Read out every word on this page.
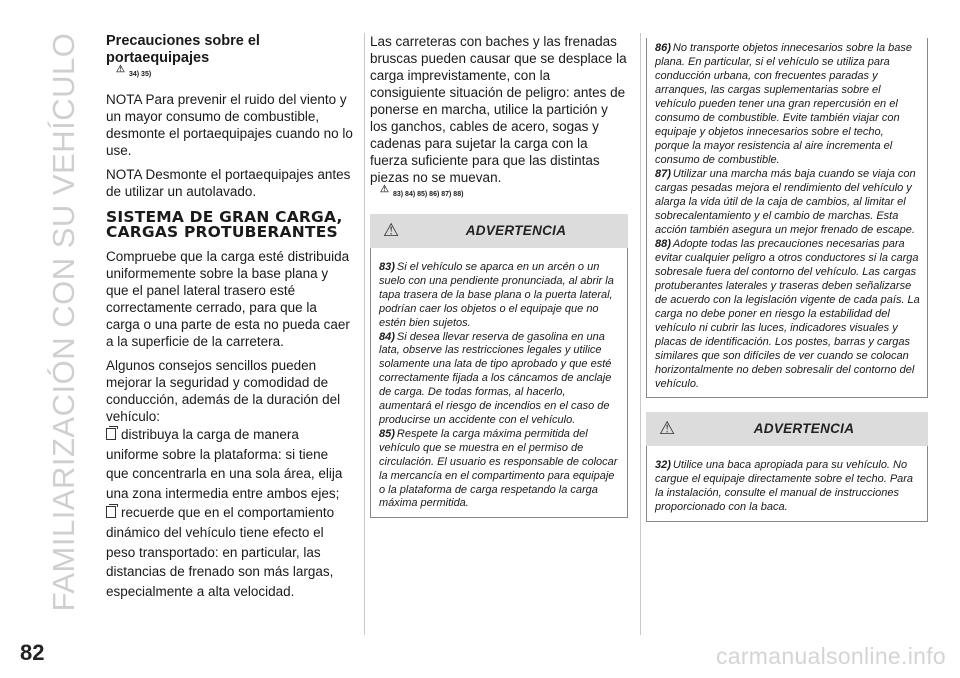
FAMILIARIZACIÓN CON SU VEHÍCULO
82	carmanualsonline.info
Precauciones sobre el portaequipajes
⚠ 34) 35)

NOTA Para prevenir el ruido del viento y un mayor consumo de combustible, desmonte el portaequipajes cuando no lo use.

NOTA Desmonte el portaequipajes antes de utilizar un autolavado.

SISTEMA DE GRAN CARGA, CARGAS PROTUBERANTES

Compruebe que la carga esté distribuida uniformemente sobre la base plana y que el panel lateral trasero esté correctamente cerrado, para que la carga o una parte de esta no pueda caer a la superficie de la carretera.

Algunos consejos sencillos pueden mejorar la seguridad y comodidad de conducción, además de la duración del vehículo:

distribuya la carga de manera uniforme sobre la plataforma: si tiene que concentrarla en una sola área, elija una zona intermedia entre ambos ejes;

recuerde que en el comportamiento dinámico del vehículo tiene efecto el peso transportado: en particular, las distancias de frenado son más largas, especialmente a alta velocidad.

Las carreteras con baches y las frenadas bruscas pueden causar que se desplace la carga imprevistamente, con la consiguiente situación de peligro: antes de ponerse en marcha, utilice la partición y los ganchos, cables de acero, sogas y cadenas para sujetar la carga con la fuerza suficiente para que las distintas piezas no se muevan.

⚠ 83) 84) 85) 86) 87) 88)
⚠	ADVERTENCIA

83) Si el vehículo se aparca en un arcén o un suelo con una pendiente pronunciada, al abrir la tapa trasera de la base plana o la puerta lateral, podrían caer los objetos o el equipaje que no estén bien sujetos.

84) Si desea llevar reserva de gasolina en una lata, observe las restricciones legales y utilice solamente una lata de tipo aprobado y que esté correctamente fijada a los cáncamos de anclaje de carga. De todas formas, al hacerlo, aumentará el riesgo de incendios en el caso de producirse un accidente con el vehículo.

85) Respete la carga máxima permitida del vehículo que se muestra en el permiso de circulación. El usuario es responsable de colocar la mercancía en el compartimento para equipaje o la plataforma de carga respetando la carga máxima permitida.

86) No transporte objetos innecesarios sobre la base plana. En particular, si el vehículo se utiliza para conducción urbana, con frecuentes paradas y arranques, las cargas suplementarias sobre el vehículo pueden tener una gran repercusión en el consumo de combustible. Evite también viajar con equipaje y objetos innecesarios sobre el techo, porque la mayor resistencia al aire incrementa el consumo de combustible.

87) Utilizar una marcha más baja cuando se viaja con cargas pesadas mejora el rendimiento del vehículo y alarga la vida útil de la caja de cambios, al limitar el sobrecalentamiento y el cambio de marchas. Esta acción también asegura un mejor frenado de escape.

88) Adopte todas las precauciones necesarias para evitar cualquier peligro a otros conductores si la carga sobresale fuera del contorno del vehículo. Las cargas protuberantes laterales y traseras deben señalizarse de acuerdo con la legislación vigente de cada país. La carga no debe poner en riesgo la estabilidad del vehículo ni cubrir las luces, indicadores visuales y placas de identificación. Los postes, barras y cargas similares que son difíciles de ver cuando se colocan horizontalmente no deben sobresalir del contorno del vehículo.

⚠	ADVERTENCIA

32) Utilice una baca apropiada para su vehículo. No cargue el equipaje directamente sobre el techo. Para la instalación, consulte el manual de instrucciones proporcionado con la baca.
